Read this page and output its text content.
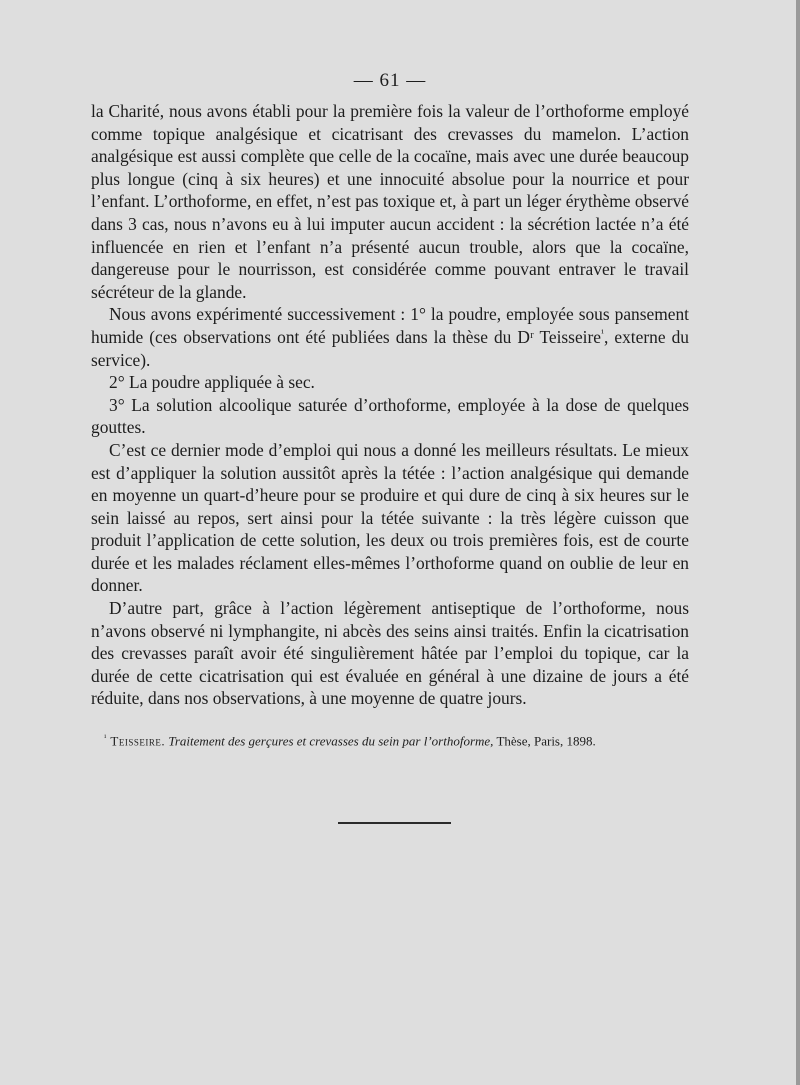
— 61 —

la Charité, nous avons établi pour la première fois la valeur de l’orthoforme employé comme topique analgésique et cicatrisant des crevasses du mamelon. L’action analgésique est aussi complète que celle de la cocaïne, mais avec une durée beaucoup plus longue (cinq à six heures) et une innocuité absolue pour la nourrice et pour l’enfant. L’orthoforme, en effet, n’est pas toxique et, à part un léger érythème observé dans 3 cas, nous n’avons eu à lui imputer aucun accident : la sécrétion lactée n’a été influencée en rien et l’enfant n’a présenté aucun trouble, alors que la cocaïne, dangereuse pour le nourrisson, est considérée comme pouvant entraver le travail sécréteur de la glande.

Nous avons expérimenté successivement : 1° la poudre, employée sous pansement humide (ces observations ont été publiées dans la thèse du Dʳ Teisseire$^{^1}$, externe du service).

2° La poudre appliquée à sec.

3° La solution alcoolique saturée d’orthoforme, employée à la dose de quelques gouttes.

C’est ce dernier mode d’emploi qui nous a donné les meilleurs résultats. Le mieux est d’appliquer la solution aussitôt après la tétée : l’action analgésique qui demande en moyenne un quart-d’heure pour se produire et qui dure de cinq à six heures sur le sein laissé au repos, sert ainsi pour la tétée suivante : la très légère cuisson que produit l’application de cette solution, les deux ou trois premières fois, est de courte durée et les malades réclament elles-mêmes l’orthoforme quand on oublie de leur en donner.

D’autre part, grâce à l’action légèrement antiseptique de l’orthoforme, nous n’avons observé ni lymphangite, ni abcès des seins ainsi traités. Enfin la cicatrisation des crevasses paraît avoir été singulièrement hâtée par l’emploi du topique, car la durée de cette cicatrisation qui est évaluée en général à une dizaine de jours a été réduite, dans nos observations, à une moyenne de quatre jours.

$^{^1}$ Teisseire. Traitement des gerçures et crevasses du sein par l’orthoforme, Thèse, Paris, 1898.
